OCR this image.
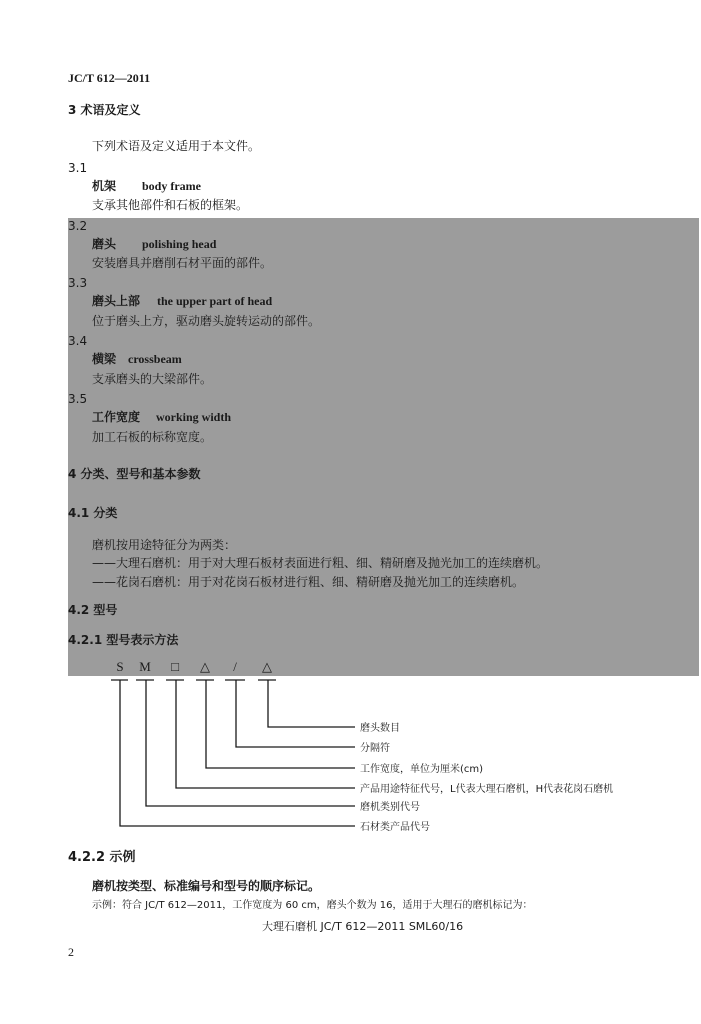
JC/T 612—2011
3 术语及定义
下列术语及定义适用于本文件。
3.1
机架 body frame
支承其他部件和石板的框架。
3.2
磨头 polishing head
安装磨具并磨削石材平面的部件。
3.3
磨头上部 the upper part of head
位于磨头上方，驱动磨头旋转运动的部件。
3.4
横梁 crossbeam
支承磨头的大梁部件。
3.5
工作宽度 working width
加工石板的标称宽度。
4 分类、型号和基本参数
4.1 分类
磨机按用途特征分为两类：
——大理石磨机：用于对大理石板材表面进行粗、细、精研磨及抛光加工的连续磨机。
——花岗石磨机：用于对花岗石板材进行粗、细、精研磨及抛光加工的连续磨机。
4.2 型号
4.2.1 型号表示方法
S M □ △ / △
磨头数目
分隔符
工作宽度，单位为厘米(cm)
产品用途特征代号，L代表大理石磨机，H代表花岗石磨机
磨机类别代号
石材类产品代号
4.2.2 示例
磨机按类型、标准编号和型号的顺序标记。
示例：符合 JC/T 612—2011，工作宽度为 60 cm，磨头个数为 16，适用于大理石的磨机标记为：
大理石磨机 JC/T 612—2011 SML60/16
2
